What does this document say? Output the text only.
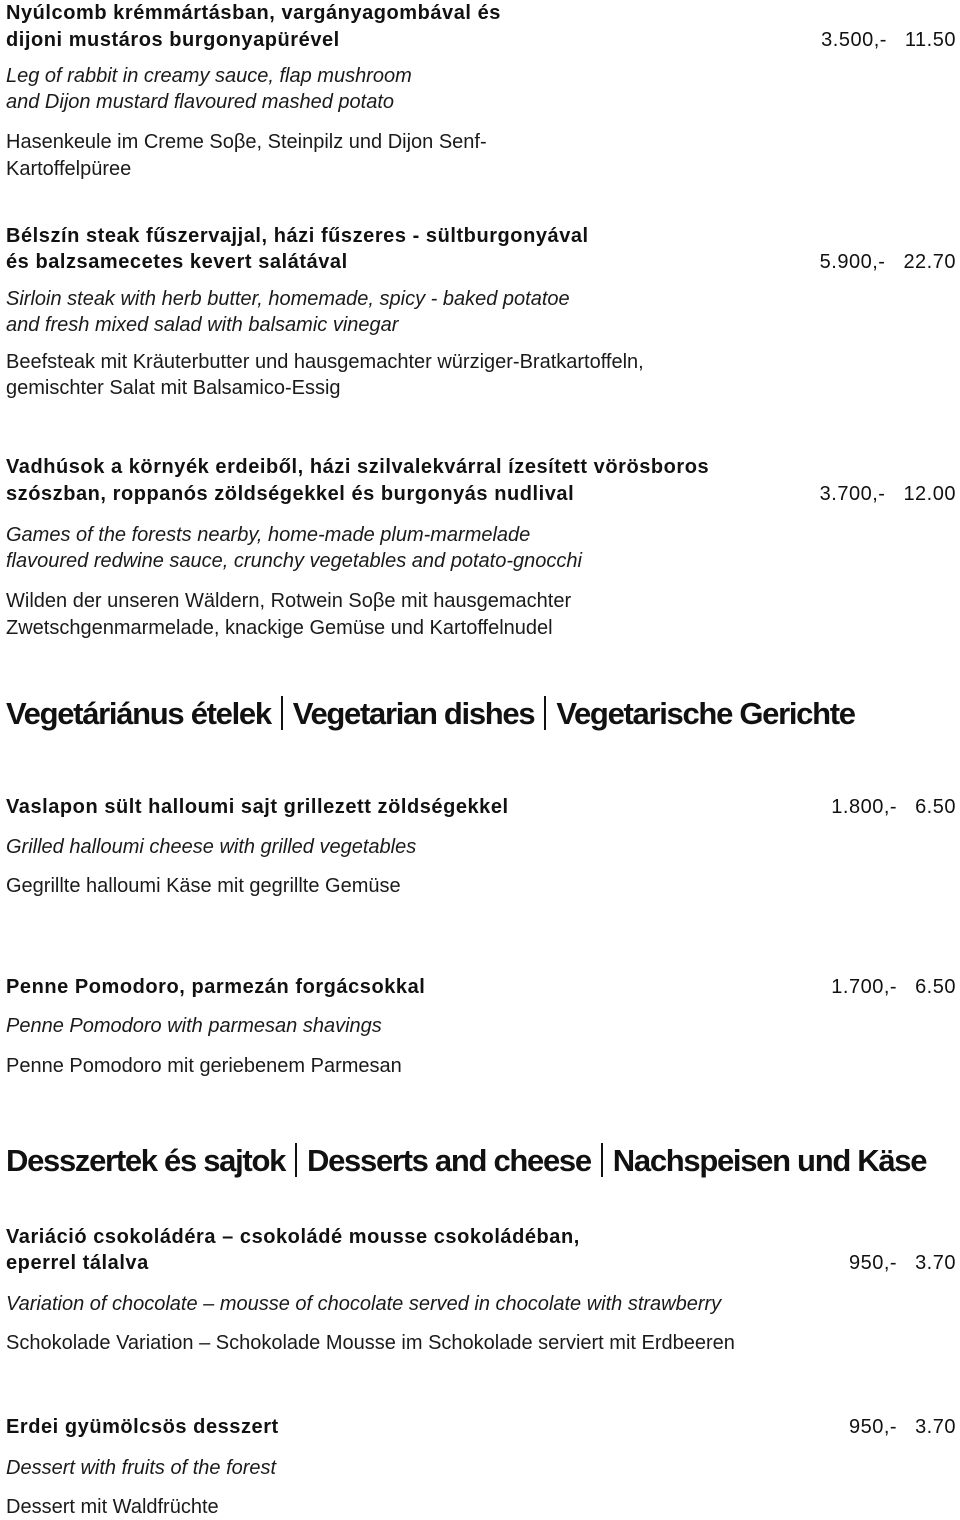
Nyúlcomb krémmártásban, vargányagombával és

dijoni mustáros burgonyapürével	3.500,- 11.50

Leg of rabbit in creamy sauce, flap mushroom

and Dijon mustard flavoured mashed potato

Hasenkeule im Creme Soβe, Steinpilz und Dijon Senf-

Kartoffelpüree

Bélszín steak fűszervajjal, házi fűszeres - sültburgonyával

és balzsamecetes kevert salátával	5.900,- 22.70

Sirloin steak with herb butter, homemade, spicy - baked potatoe

and fresh mixed salad with balsamic vinegar

Beefsteak mit Kräuterbutter und hausgemachter würziger-Bratkartoffeln,

gemischter Salat mit Balsamico-Essig

Vadhúsok a környék erdeiből, házi szilvalekvárral ízesített vörösboros

szószban, roppanós zöldségekkel és burgonyás nudlival	3.700,- 12.00

Games of the forests nearby, home-made plum-marmelade

flavoured redwine sauce, crunchy vegetables and potato-gnocchi

Wilden der unseren Wäldern, Rotwein Soβe mit hausgemachter

Zwetschgenmarmelade, knackige Gemüse und Kartoffelnudel

Vegetáriánus ételek Vegetarian dishes Vegetarische Gerichte

Vaslapon sült halloumi sajt grillezett zöldségekkel	1.800,- 6.50

Grilled halloumi cheese with grilled vegetables

Gegrillte halloumi Käse mit gegrillte Gemüse

Penne Pomodoro, parmezán forgácsokkal	1.700,- 6.50

Penne Pomodoro with parmesan shavings

Penne Pomodoro mit geriebenem Parmesan

Desszertek és sajtok Desserts and cheese Nachspeisen und Käse

Variáció csokoládéra – csokoládé mousse csokoládéban,

eperrel tálalva	950,- 3.70

Variation of chocolate – mousse of chocolate served in chocolate with strawberry

Schokolade Variation – Schokolade Mousse im Schokolade serviert mit Erdbeeren

Erdei gyümölcsös desszert	950,- 3.70

Dessert with fruits of the forest

Dessert mit Waldfrüchte
